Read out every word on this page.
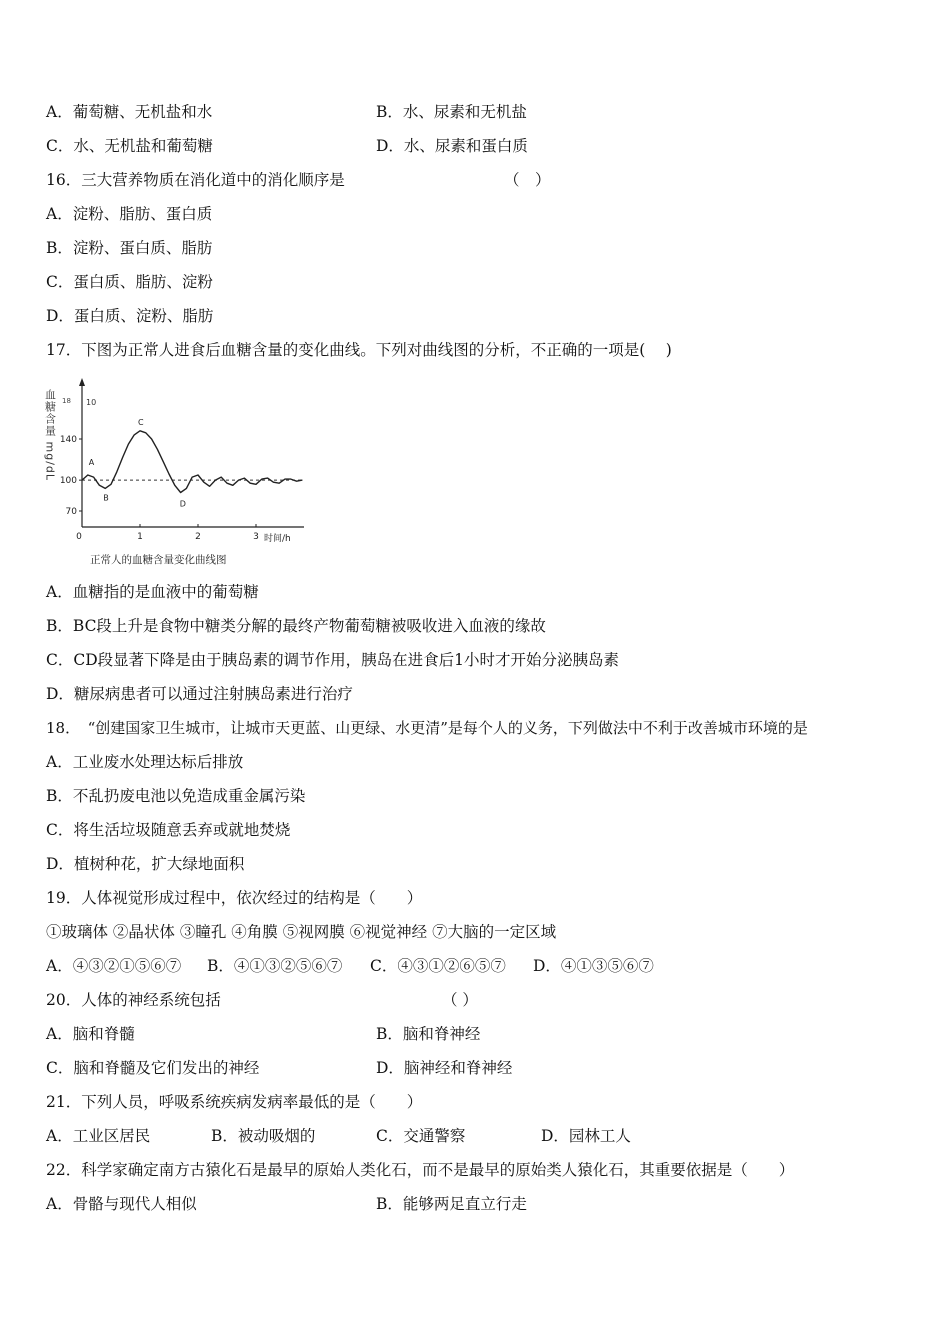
A．葡萄糖、无机盐和水	B．水、尿素和无机盐
C．水、无机盐和葡萄糖	D．水、尿素和蛋白质
16．三大营养物质在消化道中的消化顺序是	（　）
A．淀粉、脂肪、蛋白质
B．淀粉、蛋白质、脂肪
C．蛋白质、脂肪、淀粉
D．蛋白质、淀粉、脂肪
17．下图为正常人进食后血糖含量的变化曲线。下列对曲线图的分析，不正确的一项是(　 )
血糖含量 mg/dL 18
70
100
140
0	1	2	3
A
B
C
D
10
时间/h
正常人的血糖含量变化曲线图
A．血糖指的是血液中的葡萄糖
B．BC段上升是食物中糖类分解的最终产物葡萄糖被吸收进入血液的缘故
C．CD段显著下降是由于胰岛素的调节作用，胰岛在进食后1小时才开始分泌胰岛素
D．糖尿病患者可以通过注射胰岛素进行治疗
18．　“创建国家卫生城市，让城市天更蓝、山更绿、水更清”是每个人的义务，下列做法中不利于改善城市环境的是
A．工业废水处理达标后排放
B．不乱扔废电池以免造成重金属污染
C．将生活垃圾随意丢弃或就地焚烧
D．植树种花，扩大绿地面积
19．人体视觉形成过程中，依次经过的结构是（　　）
①玻璃体 ②晶状体 ③瞳孔 ④角膜 ⑤视网膜 ⑥视觉神经 ⑦大脑的一定区域
A．④③②①⑤⑥⑦ B．④①③②⑤⑥⑦ C．④③①②⑥⑤⑦ D．④①③⑤⑥⑦
20．人体的神经系统包括	（ ）
A．脑和脊髓	B．脑和脊神经
C．脑和脊髓及它们发出的神经	D．脑神经和脊神经
21．下列人员，呼吸系统疾病发病率最低的是（　　）
A．工业区居民	B．被动吸烟的	C．交通警察	D．园林工人
22．科学家确定南方古猿化石是最早的原始人类化石，而不是最早的原始类人猿化石，其重要依据是（　　）
A．骨骼与现代人相似	B．能够两足直立行走
